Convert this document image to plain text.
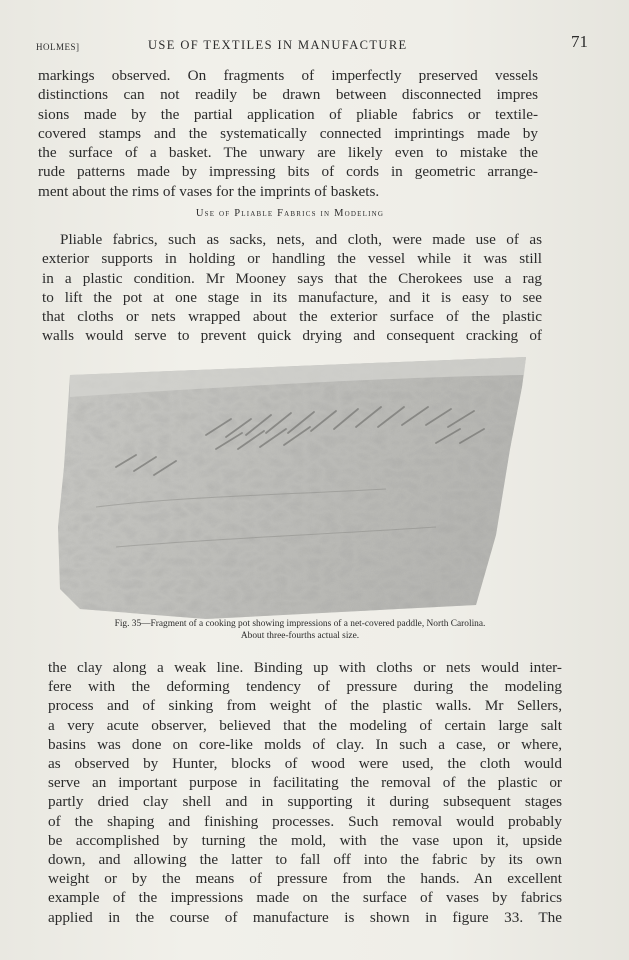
HOLMES]	USE OF TEXTILES IN MANUFACTURE	71
markings observed. On fragments of imperfectly preserved vessels
distinctions can not readily be drawn between disconnected impres
sions made by the partial application of pliable fabrics or textile-
covered stamps and the systematically connected imprintings made by
the surface of a basket. The unwary are likely even to mistake the
rude patterns made by impressing bits of cords in geometric arrange-
ment about the rims of vases for the imprints of baskets.
Use of Pliable Fabrics in Modeling
Pliable fabrics, such as sacks, nets, and cloth, were made use of as
exterior supports in holding or handling the vessel while it was still
in a plastic condition. Mr Mooney says that the Cherokees use a rag
to lift the pot at one stage in its manufacture, and it is easy to see
that cloths or nets wrapped about the exterior surface of the plastic
walls would serve to prevent quick drying and consequent cracking of
Fig. 35—Fragment of a cooking pot showing impressions of a net-covered paddle, North Carolina.
About three-fourths actual size.
the clay along a weak line. Binding up with cloths or nets would inter-
fere with the deforming tendency of pressure during the modeling
process and of sinking from weight of the plastic walls. Mr Sellers,
a very acute observer, believed that the modeling of certain large salt
basins was done on core-like molds of clay. In such a case, or where,
as observed by Hunter, blocks of wood were used, the cloth would
serve an important purpose in facilitating the removal of the plastic or
partly dried clay shell and in supporting it during subsequent stages
of the shaping and finishing processes. Such removal would probably
be accomplished by turning the mold, with the vase upon it, upside
down, and allowing the latter to fall off into the fabric by its own
weight or by the means of pressure from the hands. An excellent
example of the impressions made on the surface of vases by fabrics
applied in the course of manufacture is shown in figure 33. The
